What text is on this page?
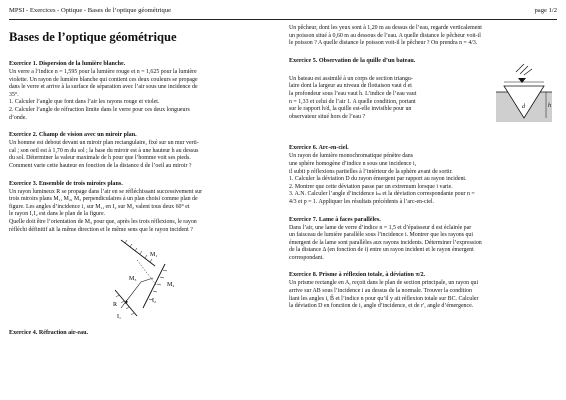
MPSI - Exercices - Optique - Bases de l’optique géométrique	page 1/2
Bases de l’optique géométrique
Exercice 1. Dispersion de la lumière blanche.
Un verre a l’indice n = 1,595 pour la lumière rouge et n = 1,625 pour la lumière
violette. Un rayon de lumière blanche qui contient ces deux couleurs se propage
dans le verre et arrive à la surface de séparation avec l’air sous une incidence de
35°.
1. Calculer l’angle que font dans l’air les rayons rouge et violet.
2. Calculer l’angle de réfraction limite dans le verre pour ces deux longueurs
d’onde.
Exercice 2. Champ de vision avec un miroir plan.
Un homme est debout devant un miroir plan rectangulaire, fixé sur un mur verti-
cal ; son oeil est à 1,70 m du sol ; la base du miroir est à une hauteur h au dessus
du sol. Déterminer la valeur maximale de h pour que l’homme voit ses pieds.
Comment varie cette hauteur en fonction de la distance d de l’oeil au miroir ?
Exercice 3. Ensemble de trois miroirs plans.
Un rayon lumineux R se propage dans l’air en se réfléchissant successivement sur
trois miroirs plans M₁, M₂, M₃ perpendiculaires à un plan choisi comme plan de
figure. Les angles d’incidence i₁ sur M₁, en I₂ sur M₂ valent tous deux 60° et
le rayon I₁I₂ est dans le plan de la figure.
Quelle doit être l’orientation de M₃ pour que, après les trois réflexions, le rayon
réfléchi définitif ait la même direction et le même sens que le rayon incident ?
M₁
M₂
M₃
R
I₁
I₂
Exercice 4. Réfraction air-eau.
Un pêcheur, dont les yeux sont à 1,20 m au dessus de l’eau, regarde verticalement
un poisson situé à 0,60 m au dessous de l’eau. A quelle distance le pêcheur voit-il
le poisson ? A quelle distance le poisson voit-il le pêcheur ? On prendra n = 4/3.
Exercice 5. Observation de la quille d’un bateau.
Un bateau est assimilé à un corps de section triangu-
laire dont la largeur au niveau de flottaison vaut d et
la profondeur sous l’eau vaut h. L’indice de l’eau vaut
n = 1,33 et celui de l’air 1. A quelle condition, portant
sur le rapport h/d, la quille est-elle invisible pour un
observateur situé hors de l’eau ?
d	h
Exercice 6. Arc-en-ciel.
Un rayon de lumière monochromatique pénètre dans
une sphère homogène d’indice n sous une incidence i,
il subit p réflexions partielles à l’intérieur de la sphère avant de sortir.
1. Calculer la déviation D du rayon émergent par rapport au rayon incident.
2. Montrer que cette déviation passe par un extremum lorsque i varie.
3. A.N. Calculer l’angle d’incidence iₘ et la déviation correspondante pour n =
4/3 et p = 1. Appliquer les résultats précédents à l’arc-en-ciel.
Exercice 7. Lame à faces parallèles.
Dans l’air, une lame de verre d’indice n = 1,5 et d’épaisseur d est éclairée par
un faisceau de lumière parallèle sous l’incidence i. Montrer que les rayons qui
émergent de la lame sont parallèles aux rayons incidents. Déterminer l’expression
de la distance Δ (en fonction de i) entre un rayon incident et le rayon émergent
correspondant.
Exercice 8. Prisme à réflexion totale, à déviation π/2.
Un prisme rectangle en A, reçoit dans le plan de section principale, un rayon qui
arrive sur AB sous l’incidence i au dessus de la normale. Trouver la condition
liant les angles i, B̂ et l’indice n pour qu’il y ait réflexion totale sur BC. Calculer
la déviation D en fonction de i, angle d’incidence, et de r′, angle d’émergence.
